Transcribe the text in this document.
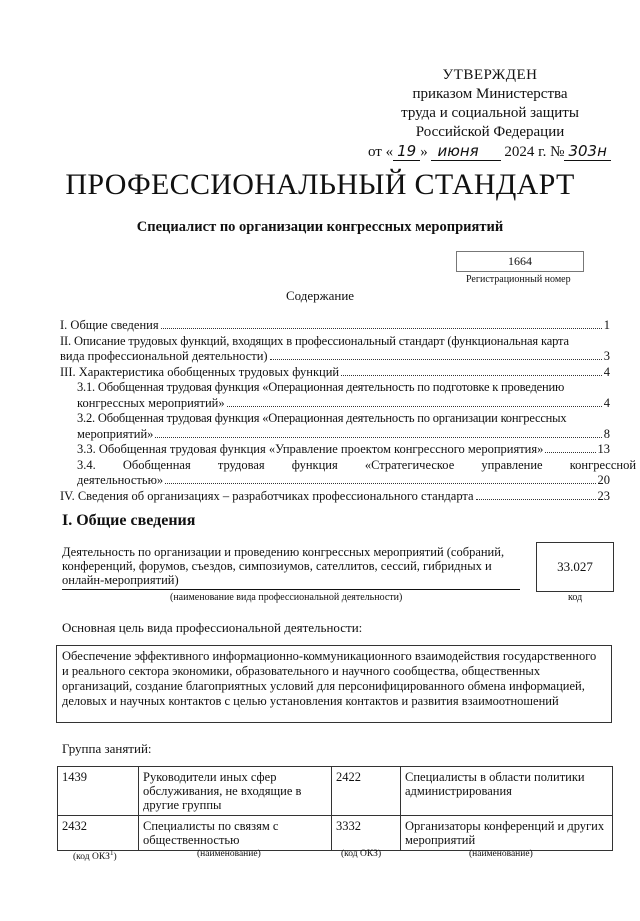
УТВЕРЖДЕН
приказом Министерства
труда и социальной защиты
Российской Федерации
от « 19 » июня 2024 г. № 303н
ПРОФЕССИОНАЛЬНЫЙ СТАНДАРТ
Специалист по организации конгрессных мероприятий
1664
Регистрационный номер
Содержание
I. Общие сведения	1
II. Описание трудовых функций, входящих в профессиональный стандарт (функциональная карта
вида профессиональной деятельности)	3
III. Характеристика обобщенных трудовых функций	4
3.1. Обобщенная трудовая функция «Операционная деятельность по подготовке к проведению
конгрессных мероприятий»	4
3.2. Обобщенная трудовая функция «Операционная деятельность по организации конгрессных
мероприятий»	8
3.3. Обобщенная трудовая функция «Управление проектом конгрессного мероприятия»	13
3.4. Обобщенная трудовая функция «Стратегическое управление конгрессной
деятельностью»	20
IV. Сведения об организациях – разработчиках профессионального стандарта	23
I. Общие сведения
Деятельность по организации и проведению конгрессных мероприятий (собраний, конференций, форумов, съездов, симпозиумов, сателлитов, сессий, гибридных и онлайн-мероприятий)
33.027
(наименование вида профессиональной деятельности)	код
Основная цель вида профессиональной деятельности:
Обеспечение эффективного информационно-коммуникационного взаимодействия государственного и реального сектора экономики, образовательного и научного сообщества, общественных организаций, создание благоприятных условий для персонифицированного обмена информацией, деловых и научных контактов с целью установления контактов и развития взаимоотношений
Группа занятий:
1439	Руководители иных сфер обслуживания, не входящие в другие группы	2422	Специалисты в области политики администрирования
2432	Специалисты по связям с общественностью	3332	Организаторы конференций и других мероприятий
(код ОКЗ$^1$)	(наименование)	(код ОКЗ)	(наименование)
